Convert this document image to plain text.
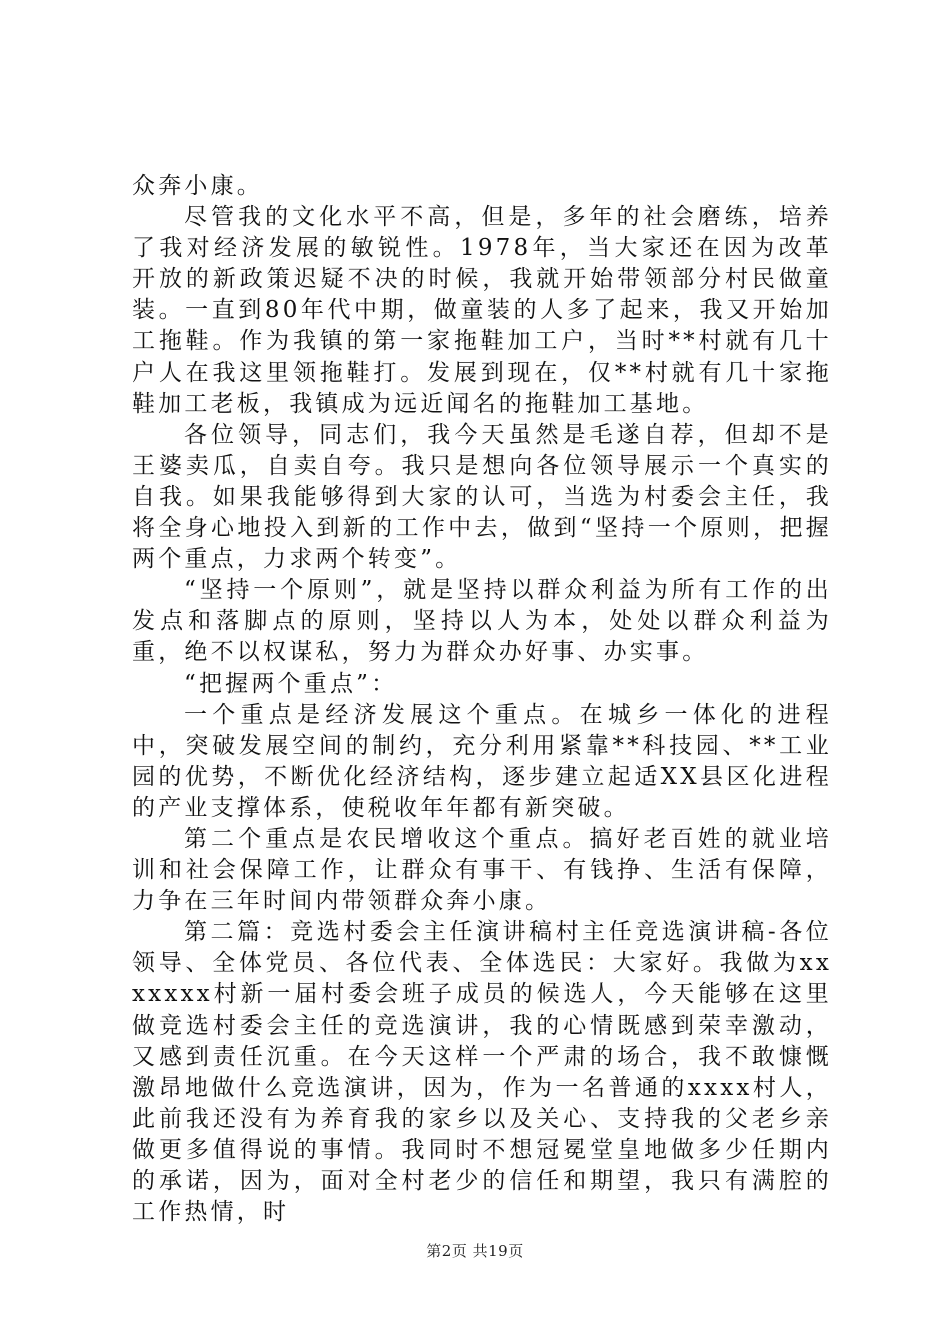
众奔小康。

尽管我的文化水平不高，但是，多年的社会磨练，培养了我对经济发展的敏锐性。1978年，当大家还在因为改革开放的新政策迟疑不决的时候，我就开始带领部分村民做童装。一直到80年代中期，做童装的人多了起来，我又开始加工拖鞋。作为我镇的第一家拖鞋加工户，当时**村就有几十户人在我这里领拖鞋打。发展到现在，仅**村就有几十家拖鞋加工老板，我镇成为远近闻名的拖鞋加工基地。

各位领导，同志们，我今天虽然是毛遂自荐，但却不是王婆卖瓜，自卖自夸。我只是想向各位领导展示一个真实的自我。如果我能够得到大家的认可，当选为村委会主任，我将全身心地投入到新的工作中去，做到“坚持一个原则，把握两个重点，力求两个转变”。

“坚持一个原则”，就是坚持以群众利益为所有工作的出发点和落脚点的原则，坚持以人为本，处处以群众利益为重，绝不以权谋私，努力为群众办好事、办实事。

“把握两个重点”：

一个重点是经济发展这个重点。在城乡一体化的进程中，突破发展空间的制约，充分利用紧靠**科技园、**工业园的优势，不断优化经济结构，逐步建立起适XX县区化进程的产业支撑体系，使税收年年都有新突破。

第二个重点是农民增收这个重点。搞好老百姓的就业培训和社会保障工作，让群众有事干、有钱挣、生活有保障，力争在三年时间内带领群众奔小康。

第二篇：竞选村委会主任演讲稿村主任竞选演讲稿-各位领导、全体党员、各位代表、全体选民：大家好。我做为xxxxxxx村新一届村委会班子成员的候选人，今天能够在这里做竞选村委会主任的竞选演讲，我的心情既感到荣幸激动，又感到责任沉重。在今天这样一个严肃的场合，我不敢慷慨激昂地做什么竞选演讲，因为，作为一名普通的xxxx村人，此前我还没有为养育我的家乡以及关心、支持我的父老乡亲做更多值得说的事情。我同时不想冠冕堂皇地做多少任期内的承诺，因为，面对全村老少的信任和期望，我只有满腔的工作热情，时

第2页 共19页
